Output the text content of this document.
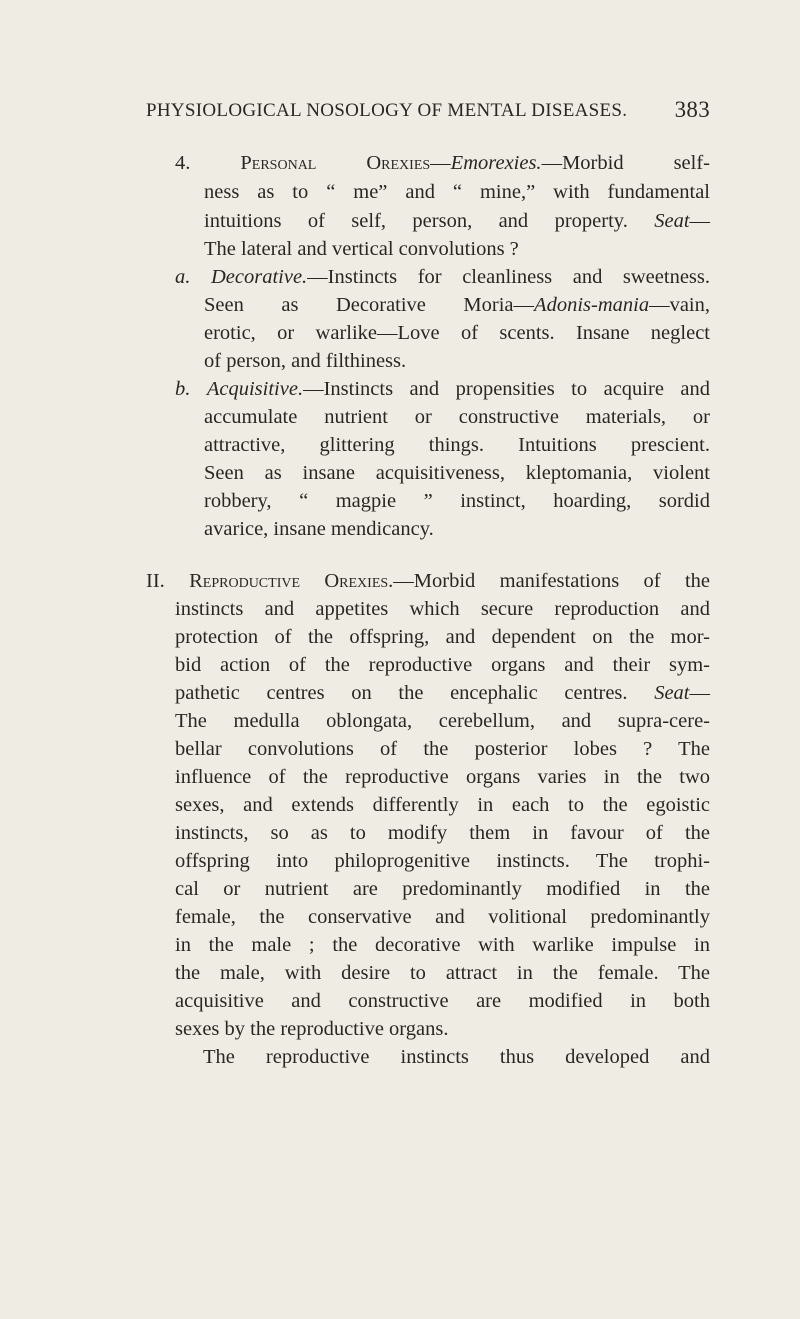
PHYSIOLOGICAL NOSOLOGY OF MENTAL DISEASES. 383
4. Personal Orexies—Emorexies.—Morbid self-
ness as to “ me” and “ mine,” with fundamental
intuitions of self, person, and property. Seat—
The lateral and vertical convolutions ?
a. Decorative.—Instincts for cleanliness and sweetness.
Seen as Decorative Moria—Adonis-mania—vain,
erotic, or warlike—Love of scents. Insane neglect
of person, and filthiness.
b. Acquisitive.—Instincts and propensities to acquire and
accumulate nutrient or constructive materials, or
attractive, glittering things. Intuitions prescient.
Seen as insane acquisitiveness, kleptomania, violent
robbery, “ magpie ” instinct, hoarding, sordid
avarice, insane mendicancy.
II. Reproductive Orexies.—Morbid manifestations of the
instincts and appetites which secure reproduction and
protection of the offspring, and dependent on the mor-
bid action of the reproductive organs and their sym-
pathetic centres on the encephalic centres. Seat—
The medulla oblongata, cerebellum, and supra-cere-
bellar convolutions of the posterior lobes ? The
influence of the reproductive organs varies in the two
sexes, and extends differently in each to the egoistic
instincts, so as to modify them in favour of the
offspring into philoprogenitive instincts. The trophi-
cal or nutrient are predominantly modified in the
female, the conservative and volitional predominantly
in the male ; the decorative with warlike impulse in
the male, with desire to attract in the female. The
acquisitive and constructive are modified in both
sexes by the reproductive organs.
The reproductive instincts thus developed and
